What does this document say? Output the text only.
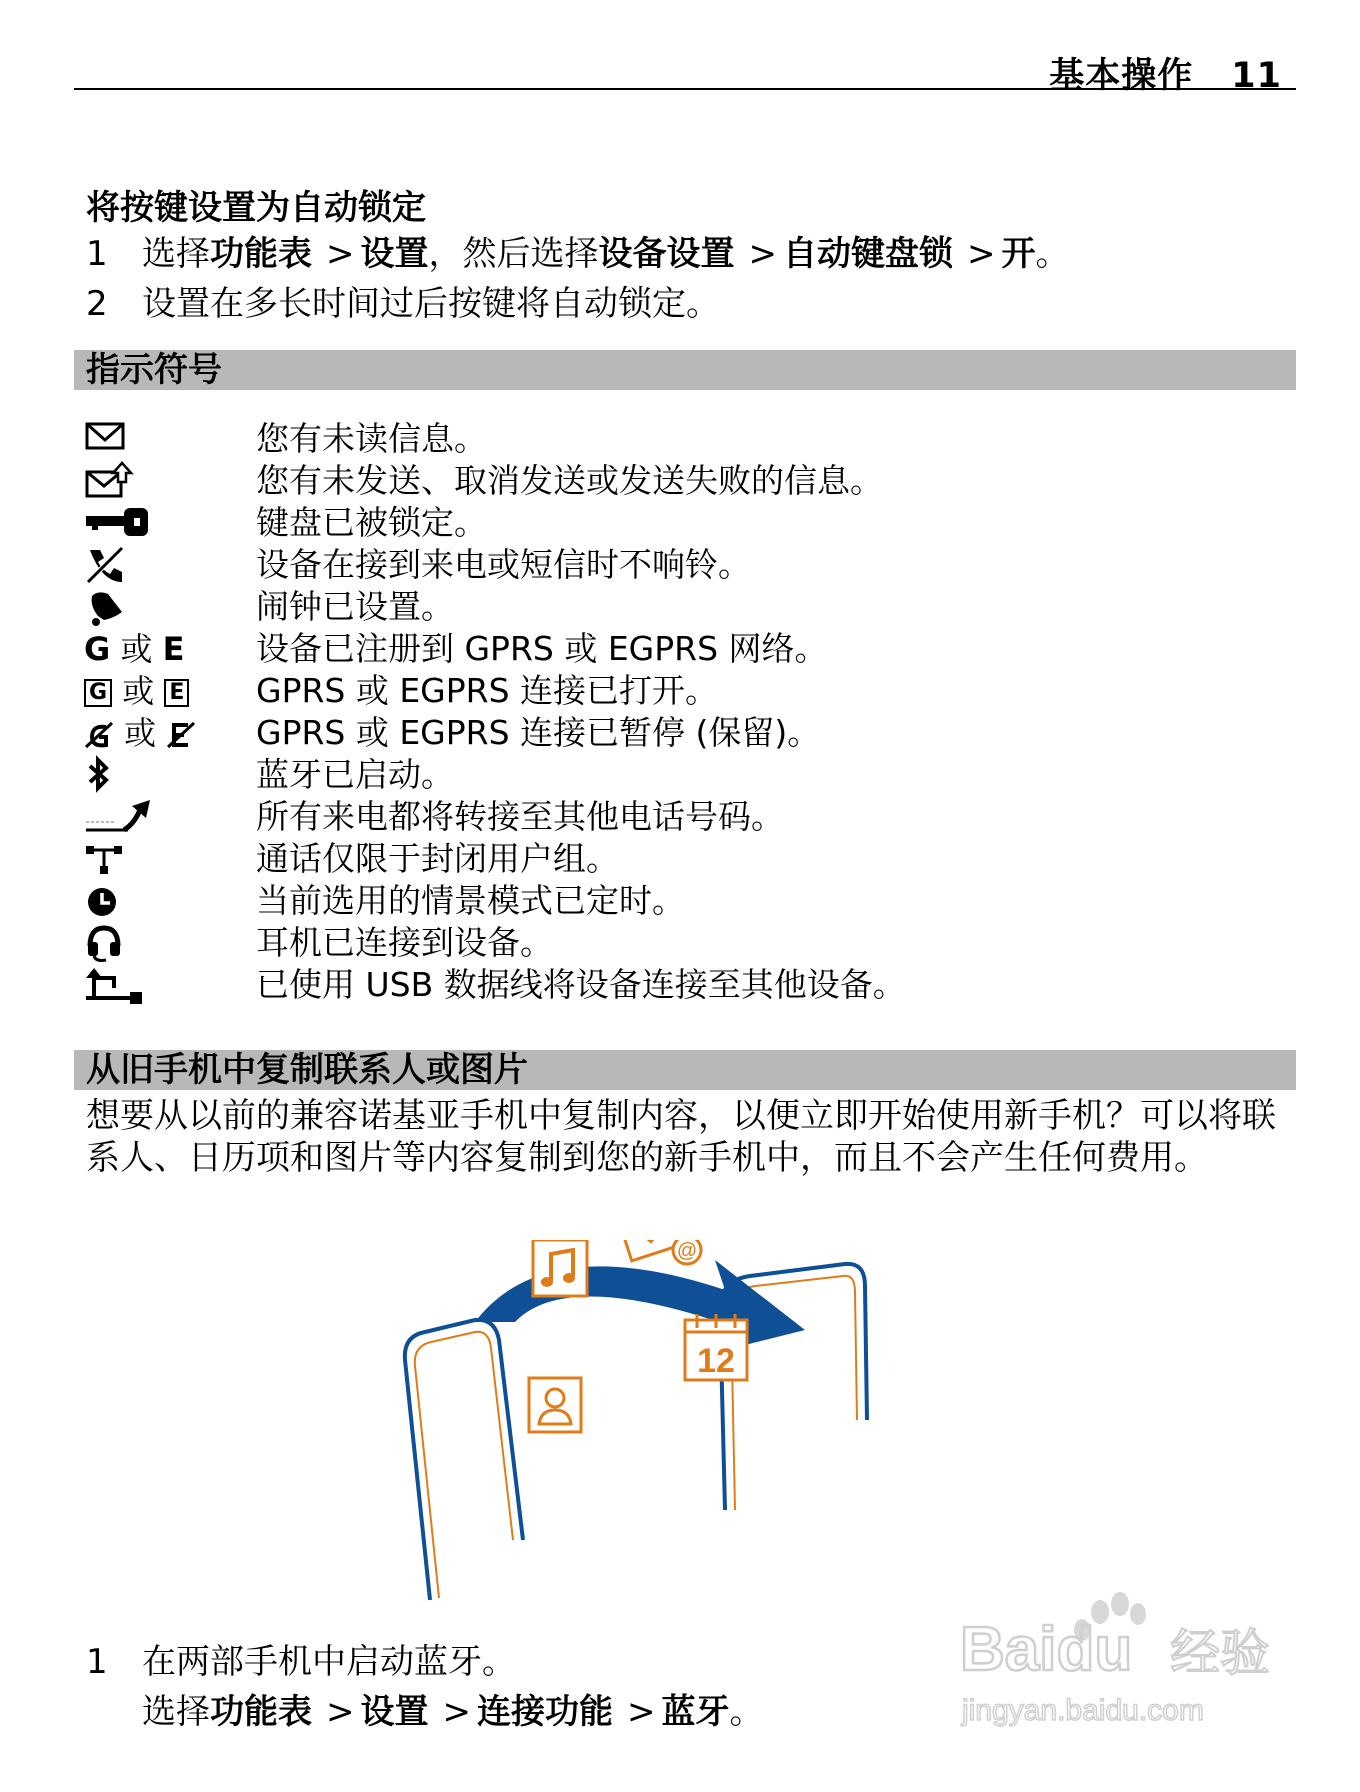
基本操作 11
将按键设置为自动锁定
1 选择功能表 > 设置，然后选择设备设置 > 自动键盘锁 > 开。
2 设置在多长时间过后按键将自动锁定。
指示符号
您有未读信息。
您有未发送、取消发送或发送失败的信息。
键盘已被锁定。
设备在接到来电或短信时不响铃。
闹钟已设置。
G 或 E	设备已注册到 GPRS 或 EGPRS 网络。
G 或 E	GPRS 或 EGPRS 连接已打开。
或	GPRS 或 EGPRS 连接已暂停 (保留)。
蓝牙已启动。
所有来电都将转接至其他电话号码。
通话仅限于封闭用户组。
当前选用的情景模式已定时。
耳机已连接到设备。
已使用 USB 数据线将设备连接至其他设备。
从旧手机中复制联系人或图片
想要从以前的兼容诺基亚手机中复制内容，以便立即开始使用新手机？可以将联系人、日历项和图片等内容复制到您的新手机中，而且不会产生任何费用。
@
12
1 在两部手机中启动蓝牙。
选择功能表 > 设置 > 连接功能 > 蓝牙。
Baidu 经验
jingyan.baidu.com
